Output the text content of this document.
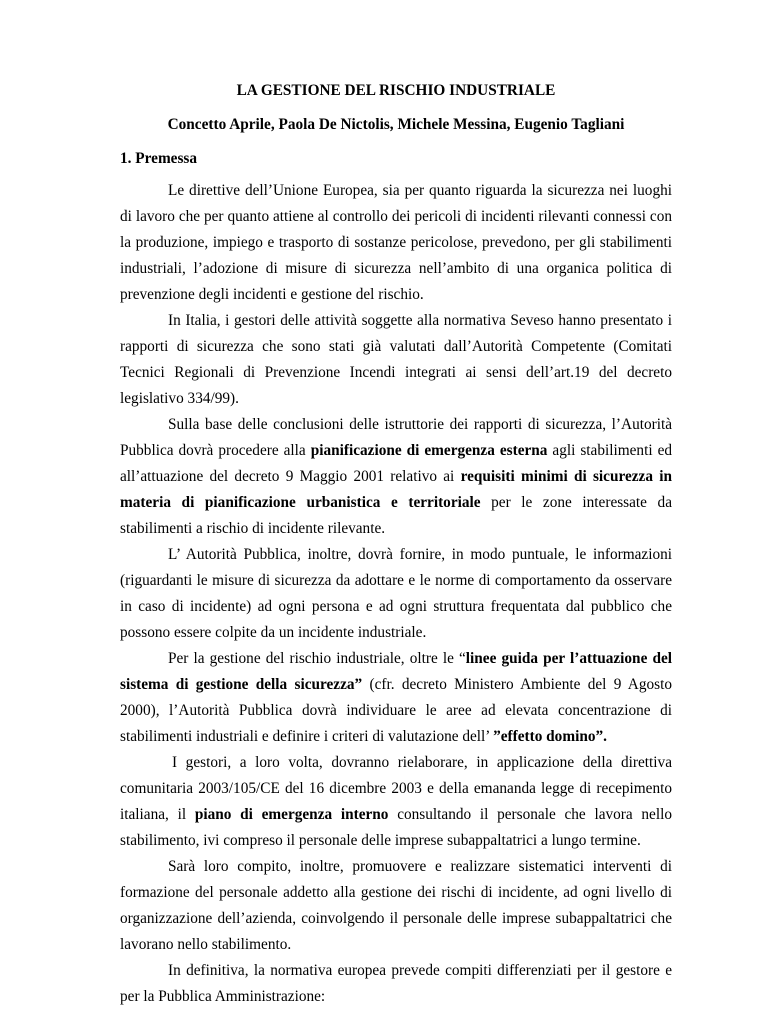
LA GESTIONE DEL RISCHIO INDUSTRIALE
Concetto Aprile, Paola De Nictolis, Michele Messina, Eugenio Tagliani
1. Premessa

Le direttive dell’Unione Europea, sia per quanto riguarda la sicurezza nei luoghi di lavoro che per quanto attiene al controllo dei pericoli di incidenti rilevanti connessi con la produzione, impiego e trasporto di sostanze pericolose, prevedono, per gli stabilimenti industriali, l’adozione di misure di sicurezza nell’ambito di una organica politica di prevenzione degli incidenti e gestione del rischio.

In Italia, i gestori delle attività soggette alla normativa Seveso hanno presentato i rapporti di sicurezza che sono stati già valutati dall’Autorità Competente (Comitati Tecnici Regionali di Prevenzione Incendi integrati ai sensi dell’art.19 del decreto legislativo 334/99).

Sulla base delle conclusioni delle istruttorie dei rapporti di sicurezza, l’Autorità Pubblica dovrà procedere alla pianificazione di emergenza esterna agli stabilimenti ed all’attuazione del decreto 9 Maggio 2001 relativo ai requisiti minimi di sicurezza in materia di pianificazione urbanistica e territoriale per le zone interessate da stabilimenti a rischio di incidente rilevante.

L’ Autorità Pubblica, inoltre, dovrà fornire, in modo puntuale, le informazioni (riguardanti le misure di sicurezza da adottare e le norme di comportamento da osservare in caso di incidente) ad ogni persona e ad ogni struttura frequentata dal pubblico che possono essere colpite da un incidente industriale.

Per la gestione del rischio industriale, oltre le “linee guida per l’attuazione del sistema di gestione della sicurezza” (cfr. decreto Ministero Ambiente del 9 Agosto 2000), l’Autorità Pubblica dovrà individuare le aree ad elevata concentrazione di stabilimenti industriali e definire i criteri di valutazione dell’ ”effetto domino”.

I gestori, a loro volta, dovranno rielaborare, in applicazione della direttiva comunitaria 2003/105/CE del 16 dicembre 2003 e della emananda legge di recepimento italiana, il piano di emergenza interno consultando il personale che lavora nello stabilimento, ivi compreso il personale delle imprese subappaltatrici a lungo termine.

Sarà loro compito, inoltre, promuovere e realizzare sistematici interventi di formazione del personale addetto alla gestione dei rischi di incidente, ad ogni livello di organizzazione dell’azienda, coinvolgendo il personale delle imprese subappaltatrici che lavorano nello stabilimento.

In definitiva, la normativa europea prevede compiti differenziati per il gestore e per la Pubblica Amministrazione:
